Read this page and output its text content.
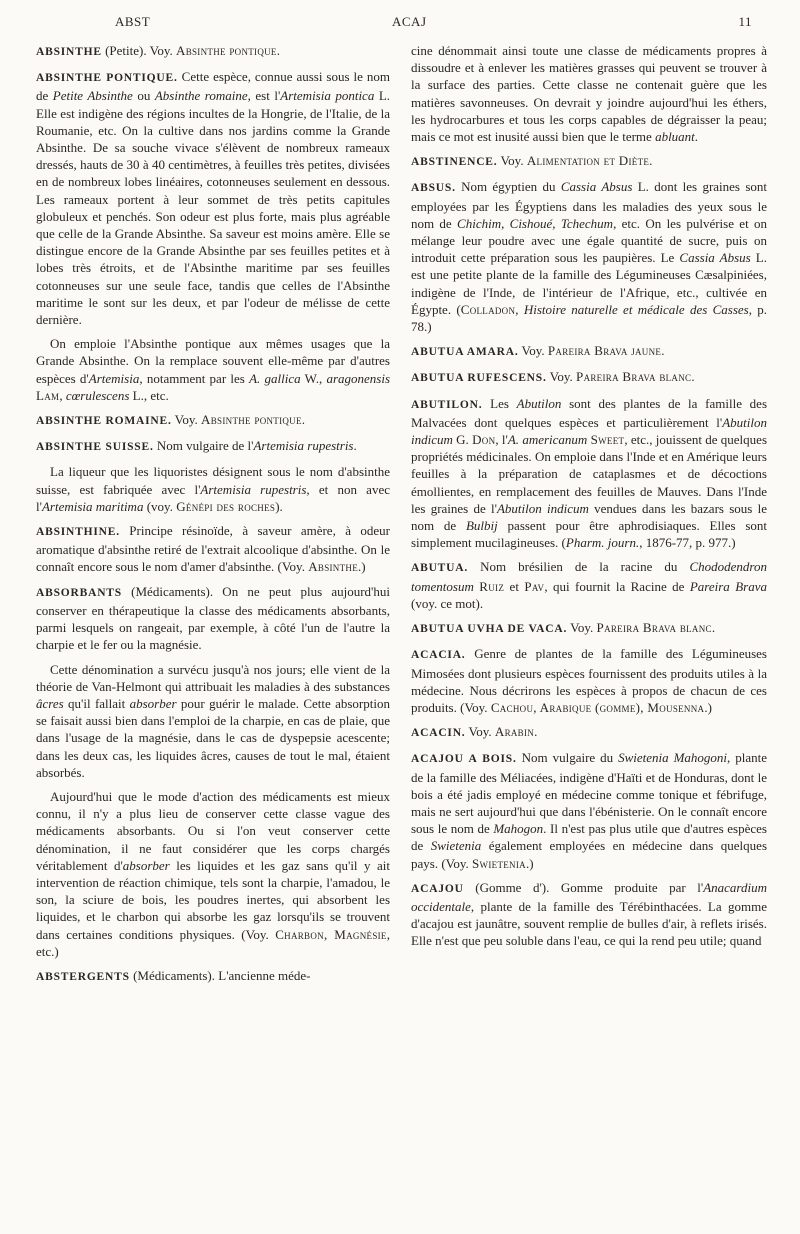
ABST	ACAJ	11

ABSINTHE (Petite). Voy. Absinthe pontique.

ABSINTHE PONTIQUE. Cette espèce, connue aussi sous le nom de Petite Absinthe ou Absinthe romaine, est l'Artemisia pontica L. Elle est indigène des régions incultes de la Hongrie, de l'Italie, de la Roumanie, etc. On la cultive dans nos jardins comme la Grande Absinthe. De sa souche vivace s'élèvent de nombreux rameaux dressés, hauts de 30 à 40 centimètres, à feuilles très petites, divisées en de nombreux lobes linéaires, cotonneuses seulement en dessous. Les rameaux portent à leur sommet de très petits capitules globuleux et penchés. Son odeur est plus forte, mais plus agréable que celle de la Grande Absinthe. Sa saveur est moins amère. Elle se distingue encore de la Grande Absinthe par ses feuilles petites et à lobes très étroits, et de l'Absinthe maritime par ses feuilles cotonneuses sur une seule face, tandis que celles de l'Absinthe maritime le sont sur les deux, et par l'odeur de mélisse de cette dernière.

On emploie l'Absinthe pontique aux mêmes usages que la Grande Absinthe. On la remplace souvent elle-même par d'autres espèces d'Artemisia, notamment par les A. gallica W., aragonensis Lam, cœrulescens L., etc.

ABSINTHE ROMAINE. Voy. Absinthe pontique.

ABSINTHE SUISSE. Nom vulgaire de l'Artemisia rupestris.

La liqueur que les liquoristes désignent sous le nom d'absinthe suisse, est fabriquée avec l'Artemisia rupestris, et non avec l'Artemisia maritima (voy. Génépi des roches).

ABSINTHINE. Principe résinoïde, à saveur amère, à odeur aromatique d'absinthe retiré de l'extrait alcoolique d'absinthe. On le connaît encore sous le nom d'amer d'absinthe. (Voy. Absinthe.)

ABSORBANTS (Médicaments). On ne peut plus aujourd'hui conserver en thérapeutique la classe des médicaments absorbants, parmi lesquels on rangeait, par exemple, à côté l'un de l'autre la charpie et le fer ou la magnésie.

Cette dénomination a survécu jusqu'à nos jours; elle vient de la théorie de Van-Helmont qui attribuait les maladies à des substances âcres qu'il fallait absorber pour guérir le malade. Cette absorption se faisait aussi bien dans l'emploi de la charpie, en cas de plaie, que dans l'usage de la magnésie, dans le cas de dyspepsie acescente; dans les deux cas, les liquides âcres, causes de tout le mal, étaient absorbés.

Aujourd'hui que le mode d'action des médicaments est mieux connu, il n'y a plus lieu de conserver cette classe vague des médicaments absorbants. Ou si l'on veut conserver cette dénomination, il ne faut considérer que les corps chargés véritablement d'absorber les liquides et les gaz sans qu'il y ait intervention de réaction chimique, tels sont la charpie, l'amadou, le son, la sciure de bois, les poudres inertes, qui absorbent les liquides, et le charbon qui absorbe les gaz lorsqu'ils se trouvent dans certaines conditions physiques. (Voy. Charbon, Magnésie, etc.)

ABSTERGENTS (Médicaments). L'ancienne méde-

cine dénommait ainsi toute une classe de médicaments propres à dissoudre et à enlever les matières grasses qui peuvent se trouver à la surface des parties. Cette classe ne contenait guère que les matières savonneuses. On devrait y joindre aujourd'hui les éthers, les hydrocarbures et tous les corps capables de dégraisser la peau; mais ce mot est inusité aussi bien que le terme abluant.

ABSTINENCE. Voy. Alimentation et Diète.

ABSUS. Nom égyptien du Cassia Absus L. dont les graines sont employées par les Égyptiens dans les maladies des yeux sous le nom de Chichim, Cishoué, Tchechum, etc. On les pulvérise et on mélange leur poudre avec une égale quantité de sucre, puis on introduit cette préparation sous les paupières. Le Cassia Absus L. est une petite plante de la famille des Légumineuses Cæsalpiniées, indigène de l'Inde, de l'intérieur de l'Afrique, etc., cultivée en Égypte. (Colladon, Histoire naturelle et médicale des Casses, p. 78.)

ABUTUA AMARA. Voy. Pareira Brava jaune.

ABUTUA RUFESCENS. Voy. Pareira Brava blanc.

ABUTILON. Les Abutilon sont des plantes de la famille des Malvacées dont quelques espèces et particulièrement l'Abutilon indicum G. Don, l'A. americanum Sweet, etc., jouissent de quelques propriétés médicinales. On emploie dans l'Inde et en Amérique leurs feuilles à la préparation de cataplasmes et de décoctions émollientes, en remplacement des feuilles de Mauves. Dans l'Inde les graines de l'Abutilon indicum vendues dans les bazars sous le nom de Bulbij passent pour être aphrodisiaques. Elles sont simplement mucilagineuses. (Pharm. journ., 1876-77, p. 977.)

ABUTUA. Nom brésilien de la racine du Chododendron tomentosum Ruiz et Pav, qui fournit la Racine de Pareira Brava (voy. ce mot).

ABUTUA UVHA DE VACA. Voy. Pareira Brava blanc.

ACACIA. Genre de plantes de la famille des Légumineuses Mimosées dont plusieurs espèces fournissent des produits utiles à la médecine. Nous décrirons les espèces à propos de chacun de ces produits. (Voy. Cachou, Arabique (gomme), Mousenna.)

ACACIN. Voy. Arabin.

ACAJOU A BOIS. Nom vulgaire du Swietenia Mahogoni, plante de la famille des Méliacées, indigène d'Haïti et de Honduras, dont le bois a été jadis employé en médecine comme tonique et fébrifuge, mais ne sert aujourd'hui que dans l'ébénisterie. On le connaît encore sous le nom de Mahogon. Il n'est pas plus utile que d'autres espèces de Swietenia également employées en médecine dans quelques pays. (Voy. Swietenia.)

ACAJOU (Gomme d'). Gomme produite par l'Anacardium occidentale, plante de la famille des Térébinthacées. La gomme d'acajou est jaunâtre, souvent remplie de bulles d'air, à reflets irisés. Elle n'est que peu soluble dans l'eau, ce qui la rend peu utile; quand
